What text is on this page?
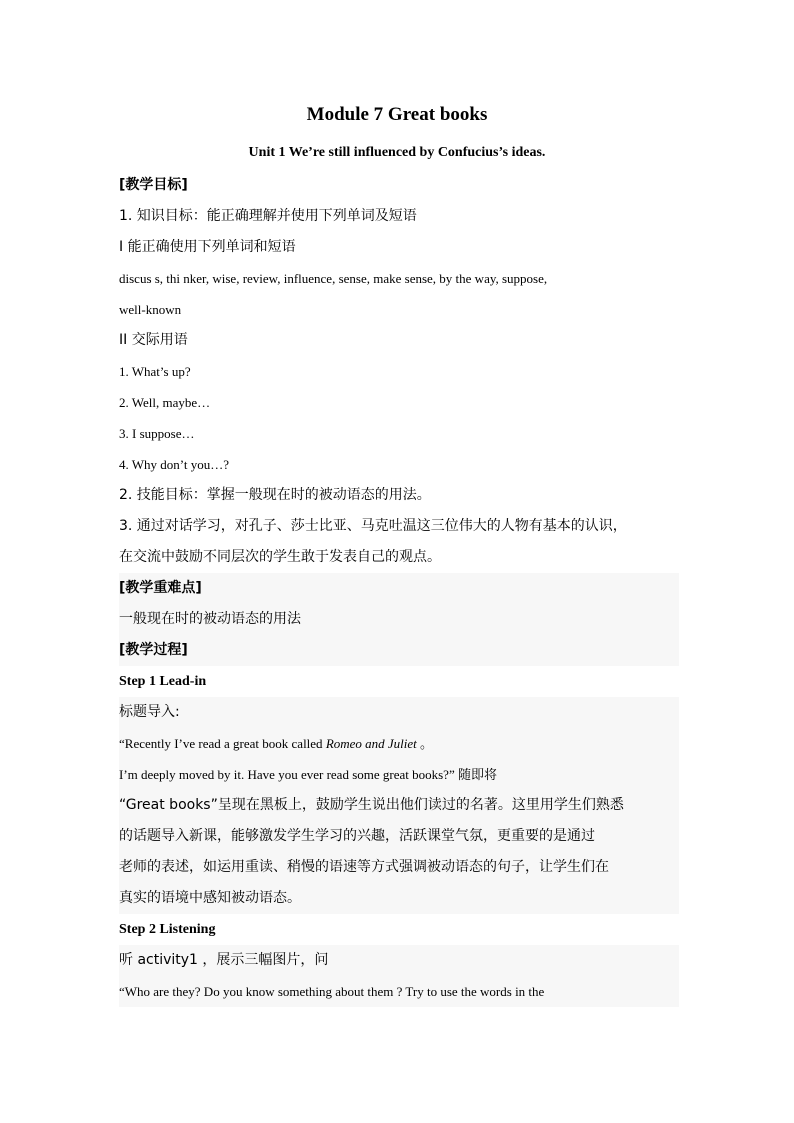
Module 7 Great books
Unit 1 We’re still influenced by Confucius’s ideas.
[教学目标]
1. 知识目标：能正确理解并使用下列单词及短语
I 能正确使用下列单词和短语
discus s, thi nker, wise, review, influence, sense, make sense, by the way, suppose,
well-known
II 交际用语
1. What’s up?
2. Well, maybe…
3. I suppose…
4. Why don’t you…?
2. 技能目标：掌握一般现在时的被动语态的用法。
3. 通过对话学习，对孔子、莎士比亚、马克吐温这三位伟大的人物有基本的认识，
在交流中鼓励不同层次的学生敢于发表自己的观点。
[教学重难点]
一般现在时的被动语态的用法
[教学过程]
Step 1 Lead-in
标题导入:
“Recently I’ve read a great book called Romeo and Juliet 。
I’m deeply moved by it. Have you ever read some great books?” 随即将
“Great books”呈现在黑板上，鼓励学生说出他们读过的名著。这里用学生们熟悉
的话题导入新课，能够激发学生学习的兴趣，活跃课堂气氛，更重要的是通过
老师的表述，如运用重读、稍慢的语速等方式强调被动语态的句子，让学生们在
真实的语境中感知被动语态。
Step 2 Listening
听 activity1 ，展示三幅图片，问
“Who are they? Do you know something about them ? Try to use the words in the
